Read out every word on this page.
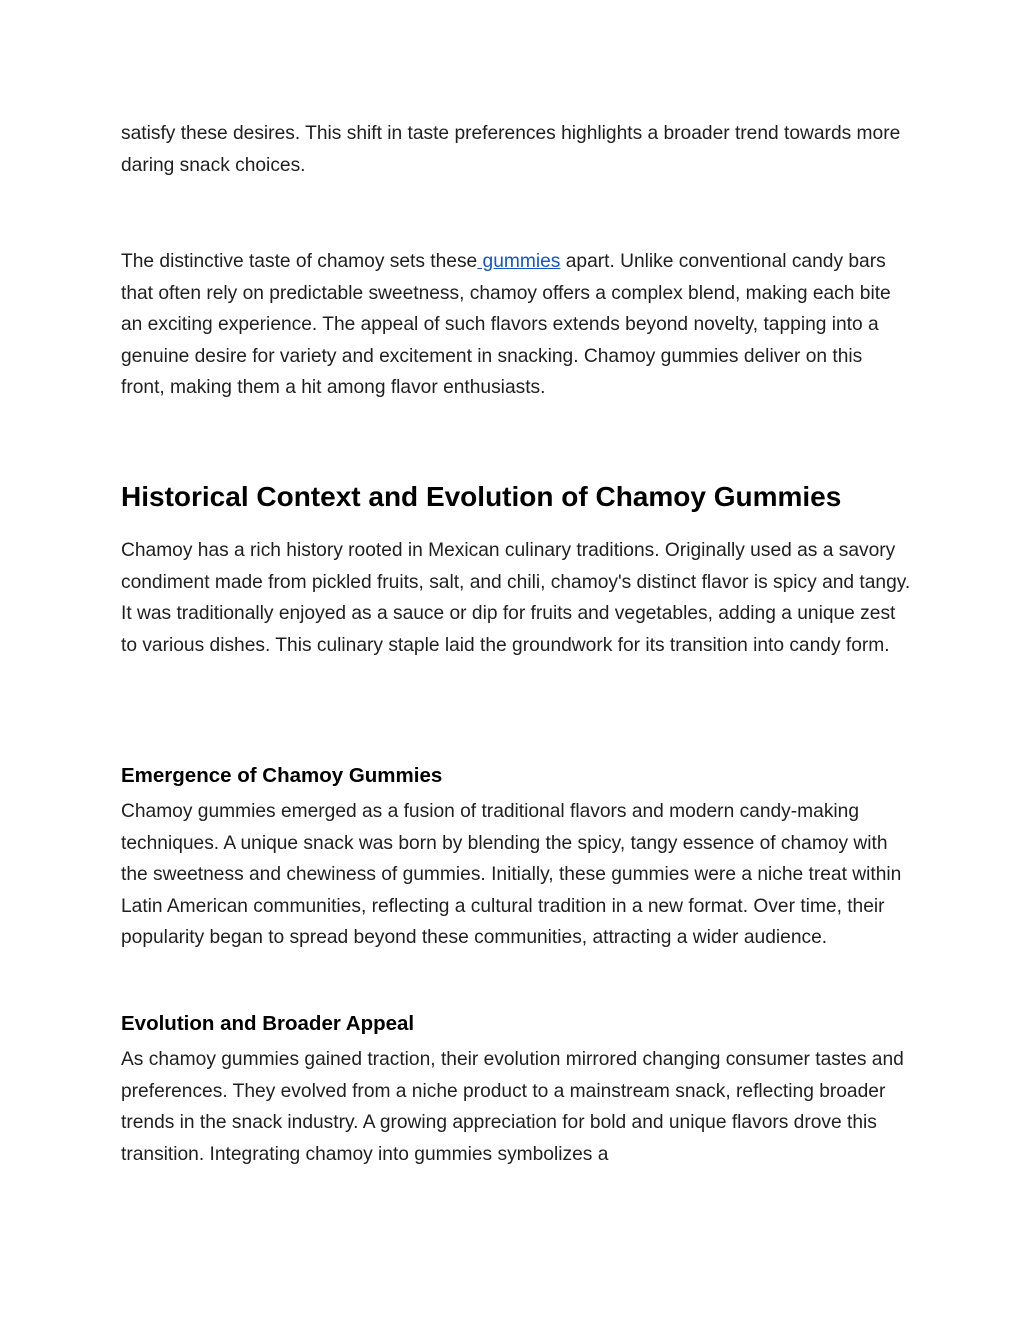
satisfy these desires. This shift in taste preferences highlights a broader trend towards more daring snack choices.

The distinctive taste of chamoy sets these gummies apart. Unlike conventional candy bars that often rely on predictable sweetness, chamoy offers a complex blend, making each bite an exciting experience. The appeal of such flavors extends beyond novelty, tapping into a genuine desire for variety and excitement in snacking. Chamoy gummies deliver on this front, making them a hit among flavor enthusiasts.

Historical Context and Evolution of Chamoy Gummies

Chamoy has a rich history rooted in Mexican culinary traditions. Originally used as a savory condiment made from pickled fruits, salt, and chili, chamoy's distinct flavor is spicy and tangy. It was traditionally enjoyed as a sauce or dip for fruits and vegetables, adding a unique zest to various dishes. This culinary staple laid the groundwork for its transition into candy form.

Emergence of Chamoy Gummies

Chamoy gummies emerged as a fusion of traditional flavors and modern candy-making techniques. A unique snack was born by blending the spicy, tangy essence of chamoy with the sweetness and chewiness of gummies. Initially, these gummies were a niche treat within Latin American communities, reflecting a cultural tradition in a new format. Over time, their popularity began to spread beyond these communities, attracting a wider audience.

Evolution and Broader Appeal

As chamoy gummies gained traction, their evolution mirrored changing consumer tastes and preferences. They evolved from a niche product to a mainstream snack, reflecting broader trends in the snack industry. A growing appreciation for bold and unique flavors drove this transition. Integrating chamoy into gummies symbolizes a
